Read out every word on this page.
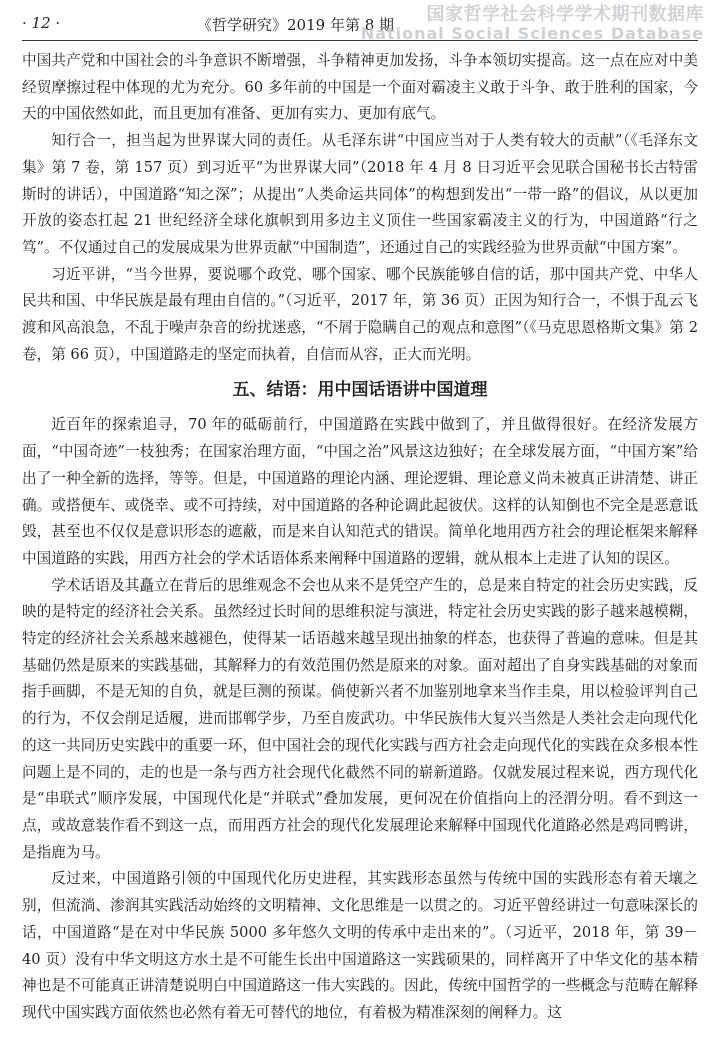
· 12 ·	《哲学研究》2019 年第 8 期	国家哲学社会科学学术期刊数据库
National Social Sciences Database

中国共产党和中国社会的斗争意识不断增强，斗争精神更加发扬，斗争本领切实提高。这一点在应对中美经贸摩擦过程中体现的尤为充分。60 多年前的中国是一个面对霸凌主义敢于斗争、敢于胜利的国家，今天的中国依然如此，而且更加有准备、更加有实力、更加有底气。

知行合一，担当起为世界谋大同的责任。从毛泽东讲“中国应当对于人类有较大的贡献”（《毛泽东文集》第 7 卷，第 157 页）到习近平“为世界谋大同”（2018 年 4 月 8 日习近平会见联合国秘书长古特雷斯时的讲话），中国道路“知之深”；从提出“人类命运共同体”的构想到发出“一带一路”的倡议，从以更加开放的姿态扛起 21 世纪经济全球化旗帜到用多边主义顶住一些国家霸凌主义的行为，中国道路“行之笃”。不仅通过自己的发展成果为世界贡献“中国制造”，还通过自己的实践经验为世界贡献“中国方案”。

习近平讲，“当今世界，要说哪个政党、哪个国家、哪个民族能够自信的话，那中国共产党、中华人民共和国、中华民族是最有理由自信的。”（习近平，2017 年，第 36 页）正因为知行合一，不惧于乱云飞渡和风高浪急，不乱于噪声杂音的纷扰迷惑，“不屑于隐瞒自己的观点和意图”（《马克思恩格斯文集》第 2 卷，第 66 页），中国道路走的坚定而执着，自信而从容，正大而光明。

五、结语：用中国话语讲中国道理

近百年的探索追寻，70 年的砥砺前行，中国道路在实践中做到了，并且做得很好。在经济发展方面，“中国奇迹”一枝独秀；在国家治理方面，“中国之治”风景这边独好；在全球发展方面，“中国方案”给出了一种全新的选择，等等。但是，中国道路的理论内涵、理论逻辑、理论意义尚未被真正讲清楚、讲正确。或搭便车、或侥幸、或不可持续，对中国道路的各种论调此起彼伏。这样的认知倒也不完全是恶意诋毁，甚至也不仅仅是意识形态的遮蔽，而是来自认知范式的错误。简单化地用西方社会的理论框架来解释中国道路的实践，用西方社会的学术话语体系来阐释中国道路的逻辑，就从根本上走进了认知的误区。

学术话语及其矗立在背后的思维观念不会也从来不是凭空产生的，总是来自特定的社会历史实践，反映的是特定的经济社会关系。虽然经过长时间的思维积淀与演进，特定社会历史实践的影子越来越模糊，特定的经济社会关系越来越褪色，使得某一话语越来越呈现出抽象的样态，也获得了普遍的意味。但是其基础仍然是原来的实践基础，其解释力的有效范围仍然是原来的对象。面对超出了自身实践基础的对象而指手画脚，不是无知的自负，就是巨测的预谋。倘使新兴者不加鉴别地拿来当作圭臬，用以检验评判自己的行为，不仅会削足适履，进而邯郸学步，乃至自废武功。中华民族伟大复兴当然是人类社会走向现代化的这一共同历史实践中的重要一环，但中国社会的现代化实践与西方社会走向现代化的实践在众多根本性问题上是不同的，走的也是一条与西方社会现代化截然不同的崭新道路。仅就发展过程来说，西方现代化是“串联式”顺序发展，中国现代化是“并联式”叠加发展，更何况在价值指向上的泾渭分明。看不到这一点，或故意装作看不到这一点，而用西方社会的现代化发展理论来解释中国现代化道路必然是鸡同鸭讲，是指鹿为马。

反过来，中国道路引领的中国现代化历史进程，其实践形态虽然与传统中国的实践形态有着天壤之别，但流淌、渗润其实践活动始终的文明精神、文化思维是一以贯之的。习近平曾经讲过一句意味深长的话，中国道路“是在对中华民族 5000 多年悠久文明的传承中走出来的”。（习近平，2018 年，第 39－40 页）没有中华文明这方水土是不可能生长出中国道路这一实践硕果的，同样离开了中华文化的基本精神也是不可能真正讲清楚说明白中国道路这一伟大实践的。因此，传统中国哲学的一些概念与范畴在解释现代中国实践方面依然也必然有着无可替代的地位，有着极为精准深刻的阐释力。这
